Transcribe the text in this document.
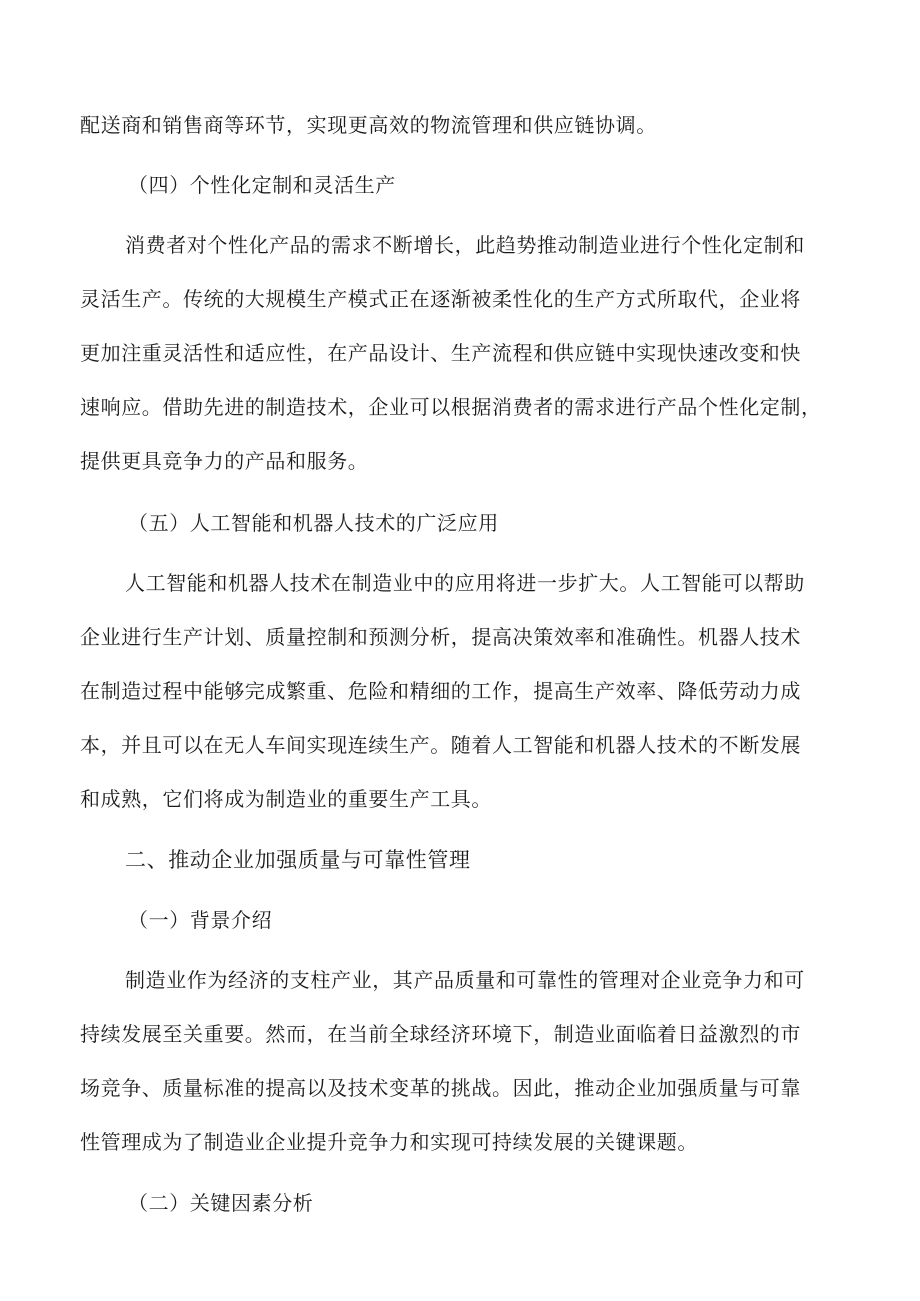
配送商和销售商等环节，实现更高效的物流管理和供应链协调。
（四）个性化定制和灵活生产
消费者对个性化产品的需求不断增长，此趋势推动制造业进行个性化定制和
灵活生产。传统的大规模生产模式正在逐渐被柔性化的生产方式所取代，企业将
更加注重灵活性和适应性，在产品设计、生产流程和供应链中实现快速改变和快
速响应。借助先进的制造技术，企业可以根据消费者的需求进行产品个性化定制，
提供更具竞争力的产品和服务。
（五）人工智能和机器人技术的广泛应用
人工智能和机器人技术在制造业中的应用将进一步扩大。人工智能可以帮助
企业进行生产计划、质量控制和预测分析，提高决策效率和准确性。机器人技术
在制造过程中能够完成繁重、危险和精细的工作，提高生产效率、降低劳动力成
本，并且可以在无人车间实现连续生产。随着人工智能和机器人技术的不断发展
和成熟，它们将成为制造业的重要生产工具。
二、推动企业加强质量与可靠性管理
（一）背景介绍
制造业作为经济的支柱产业，其产品质量和可靠性的管理对企业竞争力和可
持续发展至关重要。然而，在当前全球经济环境下，制造业面临着日益激烈的市
场竞争、质量标准的提高以及技术变革的挑战。因此，推动企业加强质量与可靠
性管理成为了制造业企业提升竞争力和实现可持续发展的关键课题。
（二）关键因素分析
